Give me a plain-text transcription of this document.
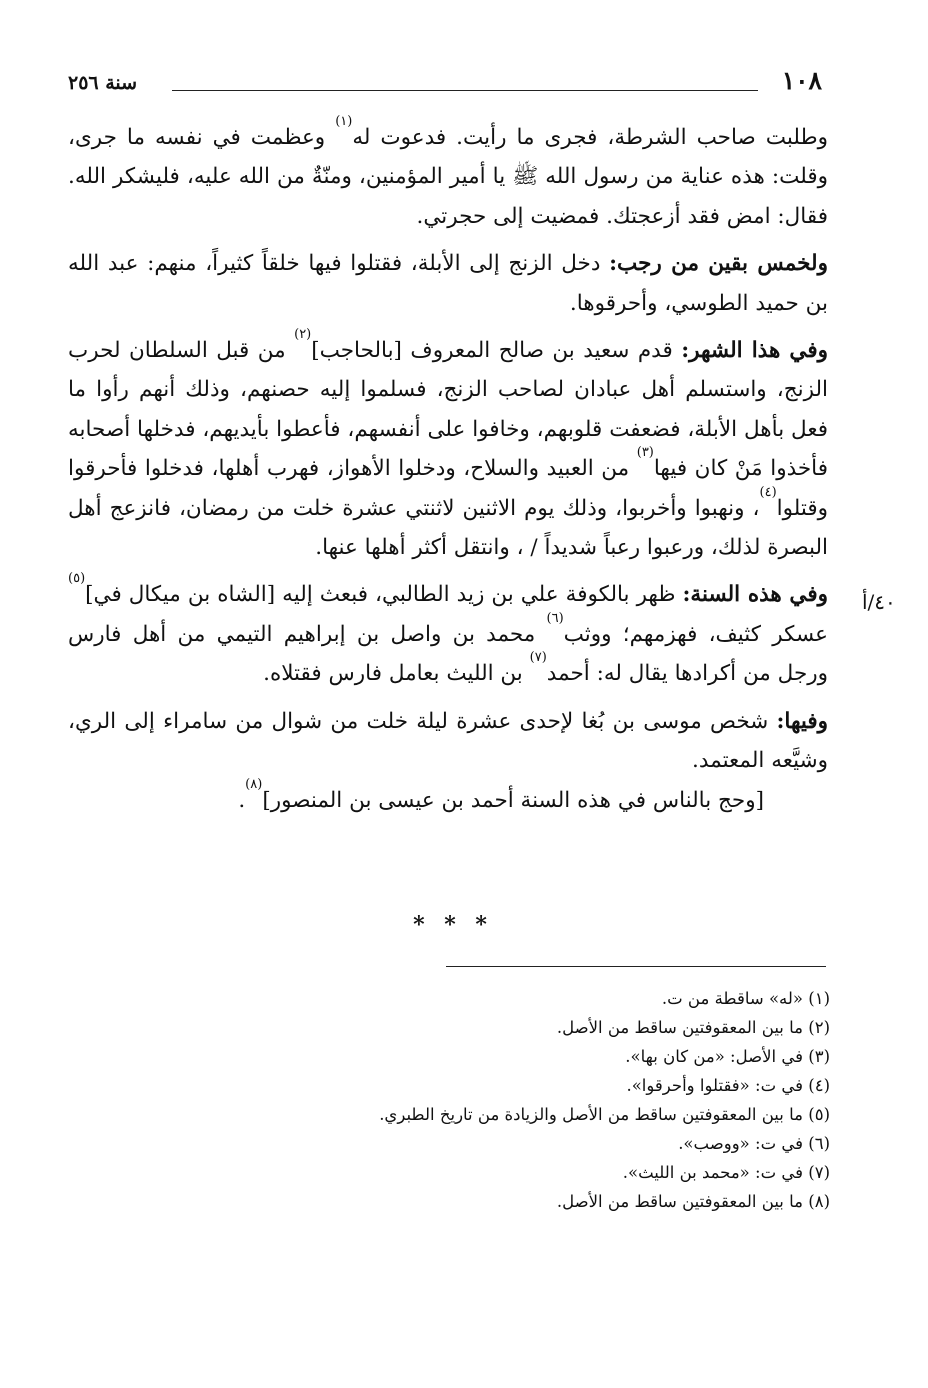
١٠٨
سنة ٢٥٦

وطلبت صاحب الشرطة، فجرى ما رأيت. فدعوت له$^{(١)}$ وعظمت في نفسه ما جرى، وقلت: هذه عناية من رسول الله ﷺ يا أمير المؤمنين، ومنّةٌ من الله عليه، فليشكر الله. فقال: امض فقد أزعجتك. فمضيت إلى حجرتي.

ولخمس بقين من رجب: دخل الزنج إلى الأبلة، فقتلوا فيها خلقاً كثيراً، منهم: عبد الله بن حميد الطوسي، وأحرقوها.

وفي هذا الشهر: قدم سعيد بن صالح المعروف [بالحاجب]$^{(٢)}$ من قبل السلطان لحرب الزنج، واستسلم أهل عبادان لصاحب الزنج، فسلموا إليه حصنهم، وذلك أنهم رأوا ما فعل بأهل الأبلة، فضعفت قلوبهم، وخافوا على أنفسهم، فأعطوا بأيديهم، فدخلها أصحابه فأخذوا مَنْ كان فيها$^{(٣)}$ من العبيد والسلاح، ودخلوا الأهواز، فهرب أهلها، فدخلوا فأحرقوا وقتلوا$^{(٤)}$، ونهبوا وأخربوا، وذلك يوم الاثنين لاثنتي عشرة خلت من رمضان، فانزعج أهل البصرة لذلك، ورعبوا رعباً شديداً / ، وانتقل أكثر أهلها عنها.

وفي هذه السنة: ظهر بالكوفة علي بن زيد الطالبي، فبعث إليه [الشاه بن ميكال في]$^{(٥)}$ عسكر كثيف، فهزمهم؛ ووثب$^{(٦)}$ محمد بن واصل بن إبراهيم التيمي من أهل فارس ورجل من أكرادها يقال له: أحمد$^{(٧)}$ بن الليث بعامل فارس فقتلاه.

وفيها: شخص موسى بن بُغا لإحدى عشرة ليلة خلت من شوال من سامراء إلى الري، وشيَّعه المعتمد.

[وحج بالناس في هذه السنة أحمد بن عيسى بن المنصور]$^{(٨)}$.

٤٠/أ
* * *
(١) «له» ساقطة من ت.
(٢) ما بين المعقوفتين ساقط من الأصل.
(٣) في الأصل: «من كان بها».
(٤) في ت: «فقتلوا وأحرقوا».
(٥) ما بين المعقوفتين ساقط من الأصل والزيادة من تاريخ الطبري.
(٦) في ت: «ووصب».
(٧) في ت: «محمد بن الليث».
(٨) ما بين المعقوفتين ساقط من الأصل.
